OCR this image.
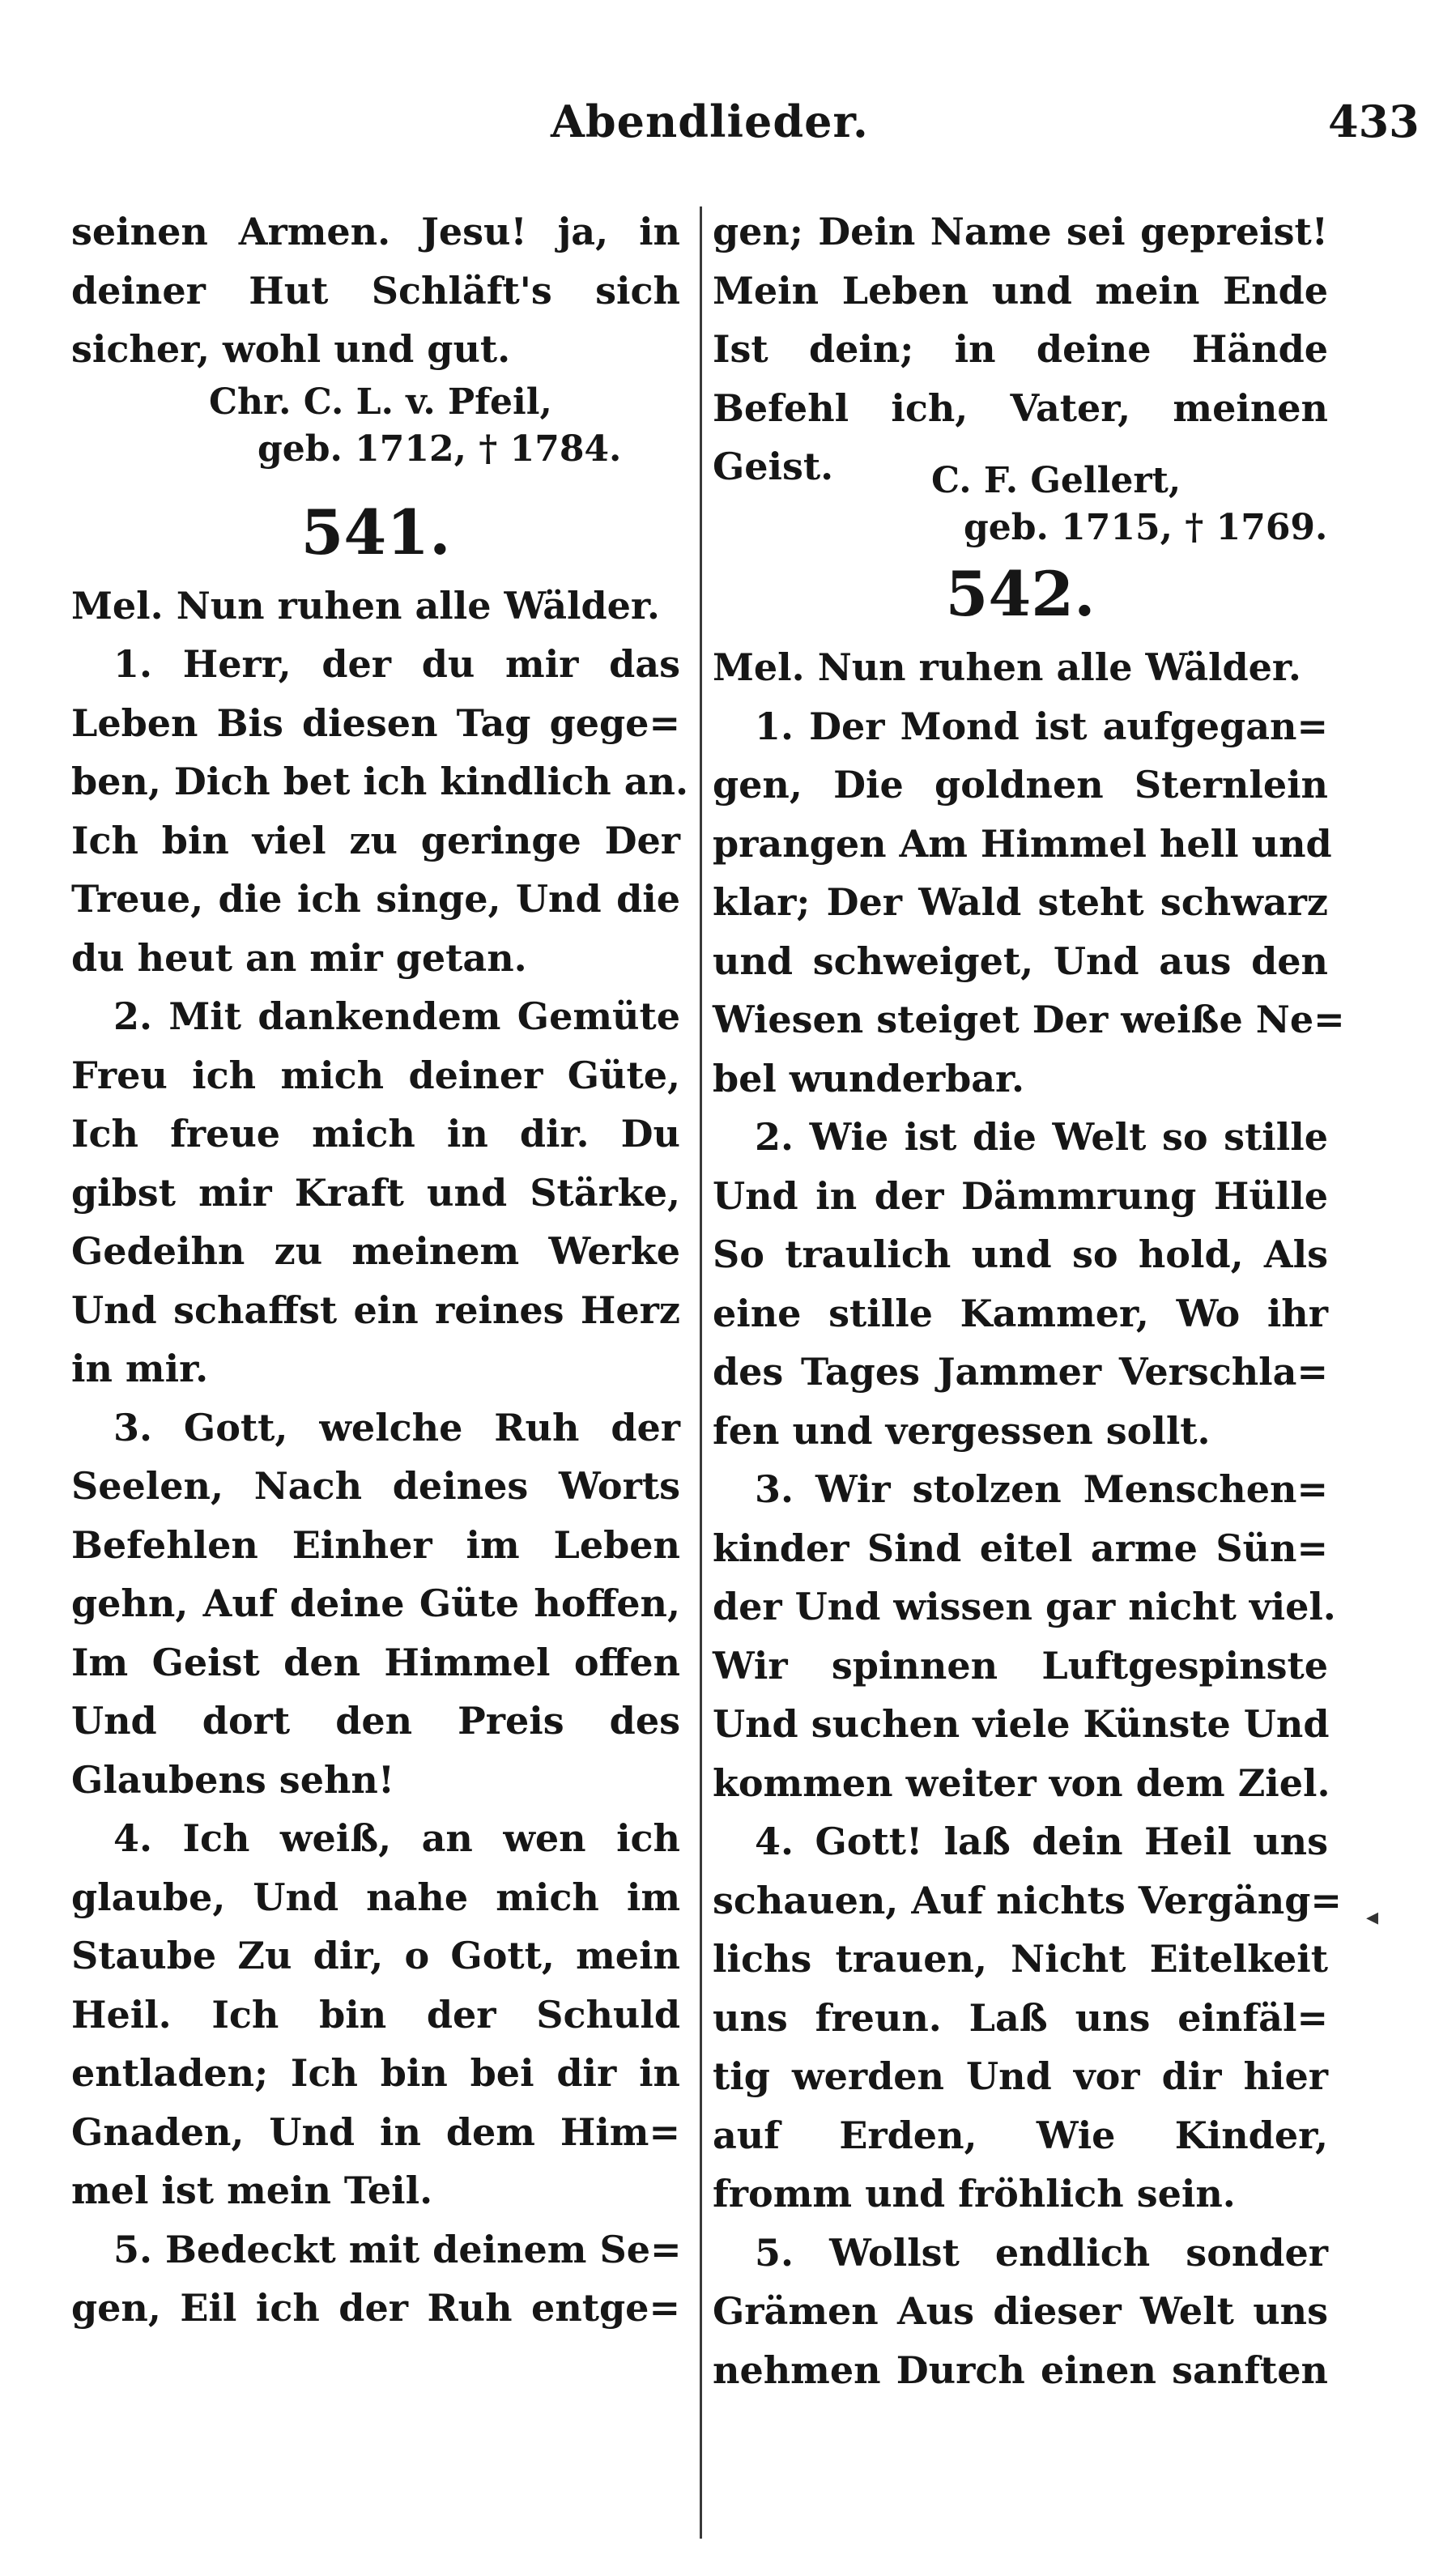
Abendlieder.	433
seinen Armen. Jesu! ja, in
deiner Hut Schläft's sich
sicher, wohl und gut.
Chr. C. L. v. Pfeil,
geb. 1712, † 1784.
541.
Mel. Nun ruhen alle Wälder.
1. Herr, der du mir das
Leben Bis diesen Tag gege=
ben, Dich bet ich kindlich an.
Ich bin viel zu geringe Der
Treue, die ich singe, Und die
du heut an mir getan.
2. Mit dankendem Gemüte
Freu ich mich deiner Güte,
Ich freue mich in dir. Du
gibst mir Kraft und Stärke,
Gedeihn zu meinem Werke
Und schaffst ein reines Herz
in mir.
3. Gott, welche Ruh der
Seelen, Nach deines Worts
Befehlen Einher im Leben
gehn, Auf deine Güte hoffen,
Im Geist den Himmel offen
Und dort den Preis des
Glaubens sehn!
4. Ich weiß, an wen ich
glaube, Und nahe mich im
Staube Zu dir, o Gott, mein
Heil. Ich bin der Schuld
entladen; Ich bin bei dir in
Gnaden, Und in dem Him=
mel ist mein Teil.
5. Bedeckt mit deinem Se=
gen, Eil ich der Ruh entge=
gen; Dein Name sei gepreist!
Mein Leben und mein Ende
Ist dein; in deine Hände
Befehl ich, Vater, meinen
Geist.	C. F. Gellert,
geb. 1715, † 1769.
542.
Mel. Nun ruhen alle Wälder.
1. Der Mond ist aufgegan=
gen, Die goldnen Sternlein
prangen Am Himmel hell und
klar; Der Wald steht schwarz
und schweiget, Und aus den
Wiesen steiget Der weiße Ne=
bel wunderbar.
2. Wie ist die Welt so stille
Und in der Dämmrung Hülle
So traulich und so hold, Als
eine stille Kammer, Wo ihr
des Tages Jammer Verschla=
fen und vergessen sollt.
3. Wir stolzen Menschen=
kinder Sind eitel arme Sün=
der Und wissen gar nicht viel.
Wir spinnen Luftgespinste
Und suchen viele Künste Und
kommen weiter von dem Ziel.
4. Gott! laß dein Heil uns
schauen, Auf nichts Vergäng=
lichs trauen, Nicht Eitelkeit
uns freun. Laß uns einfäl=
tig werden Und vor dir hier
auf Erden, Wie Kinder,
fromm und fröhlich sein.
5. Wollst endlich sonder
Grämen Aus dieser Welt uns
nehmen Durch einen sanften
◂
